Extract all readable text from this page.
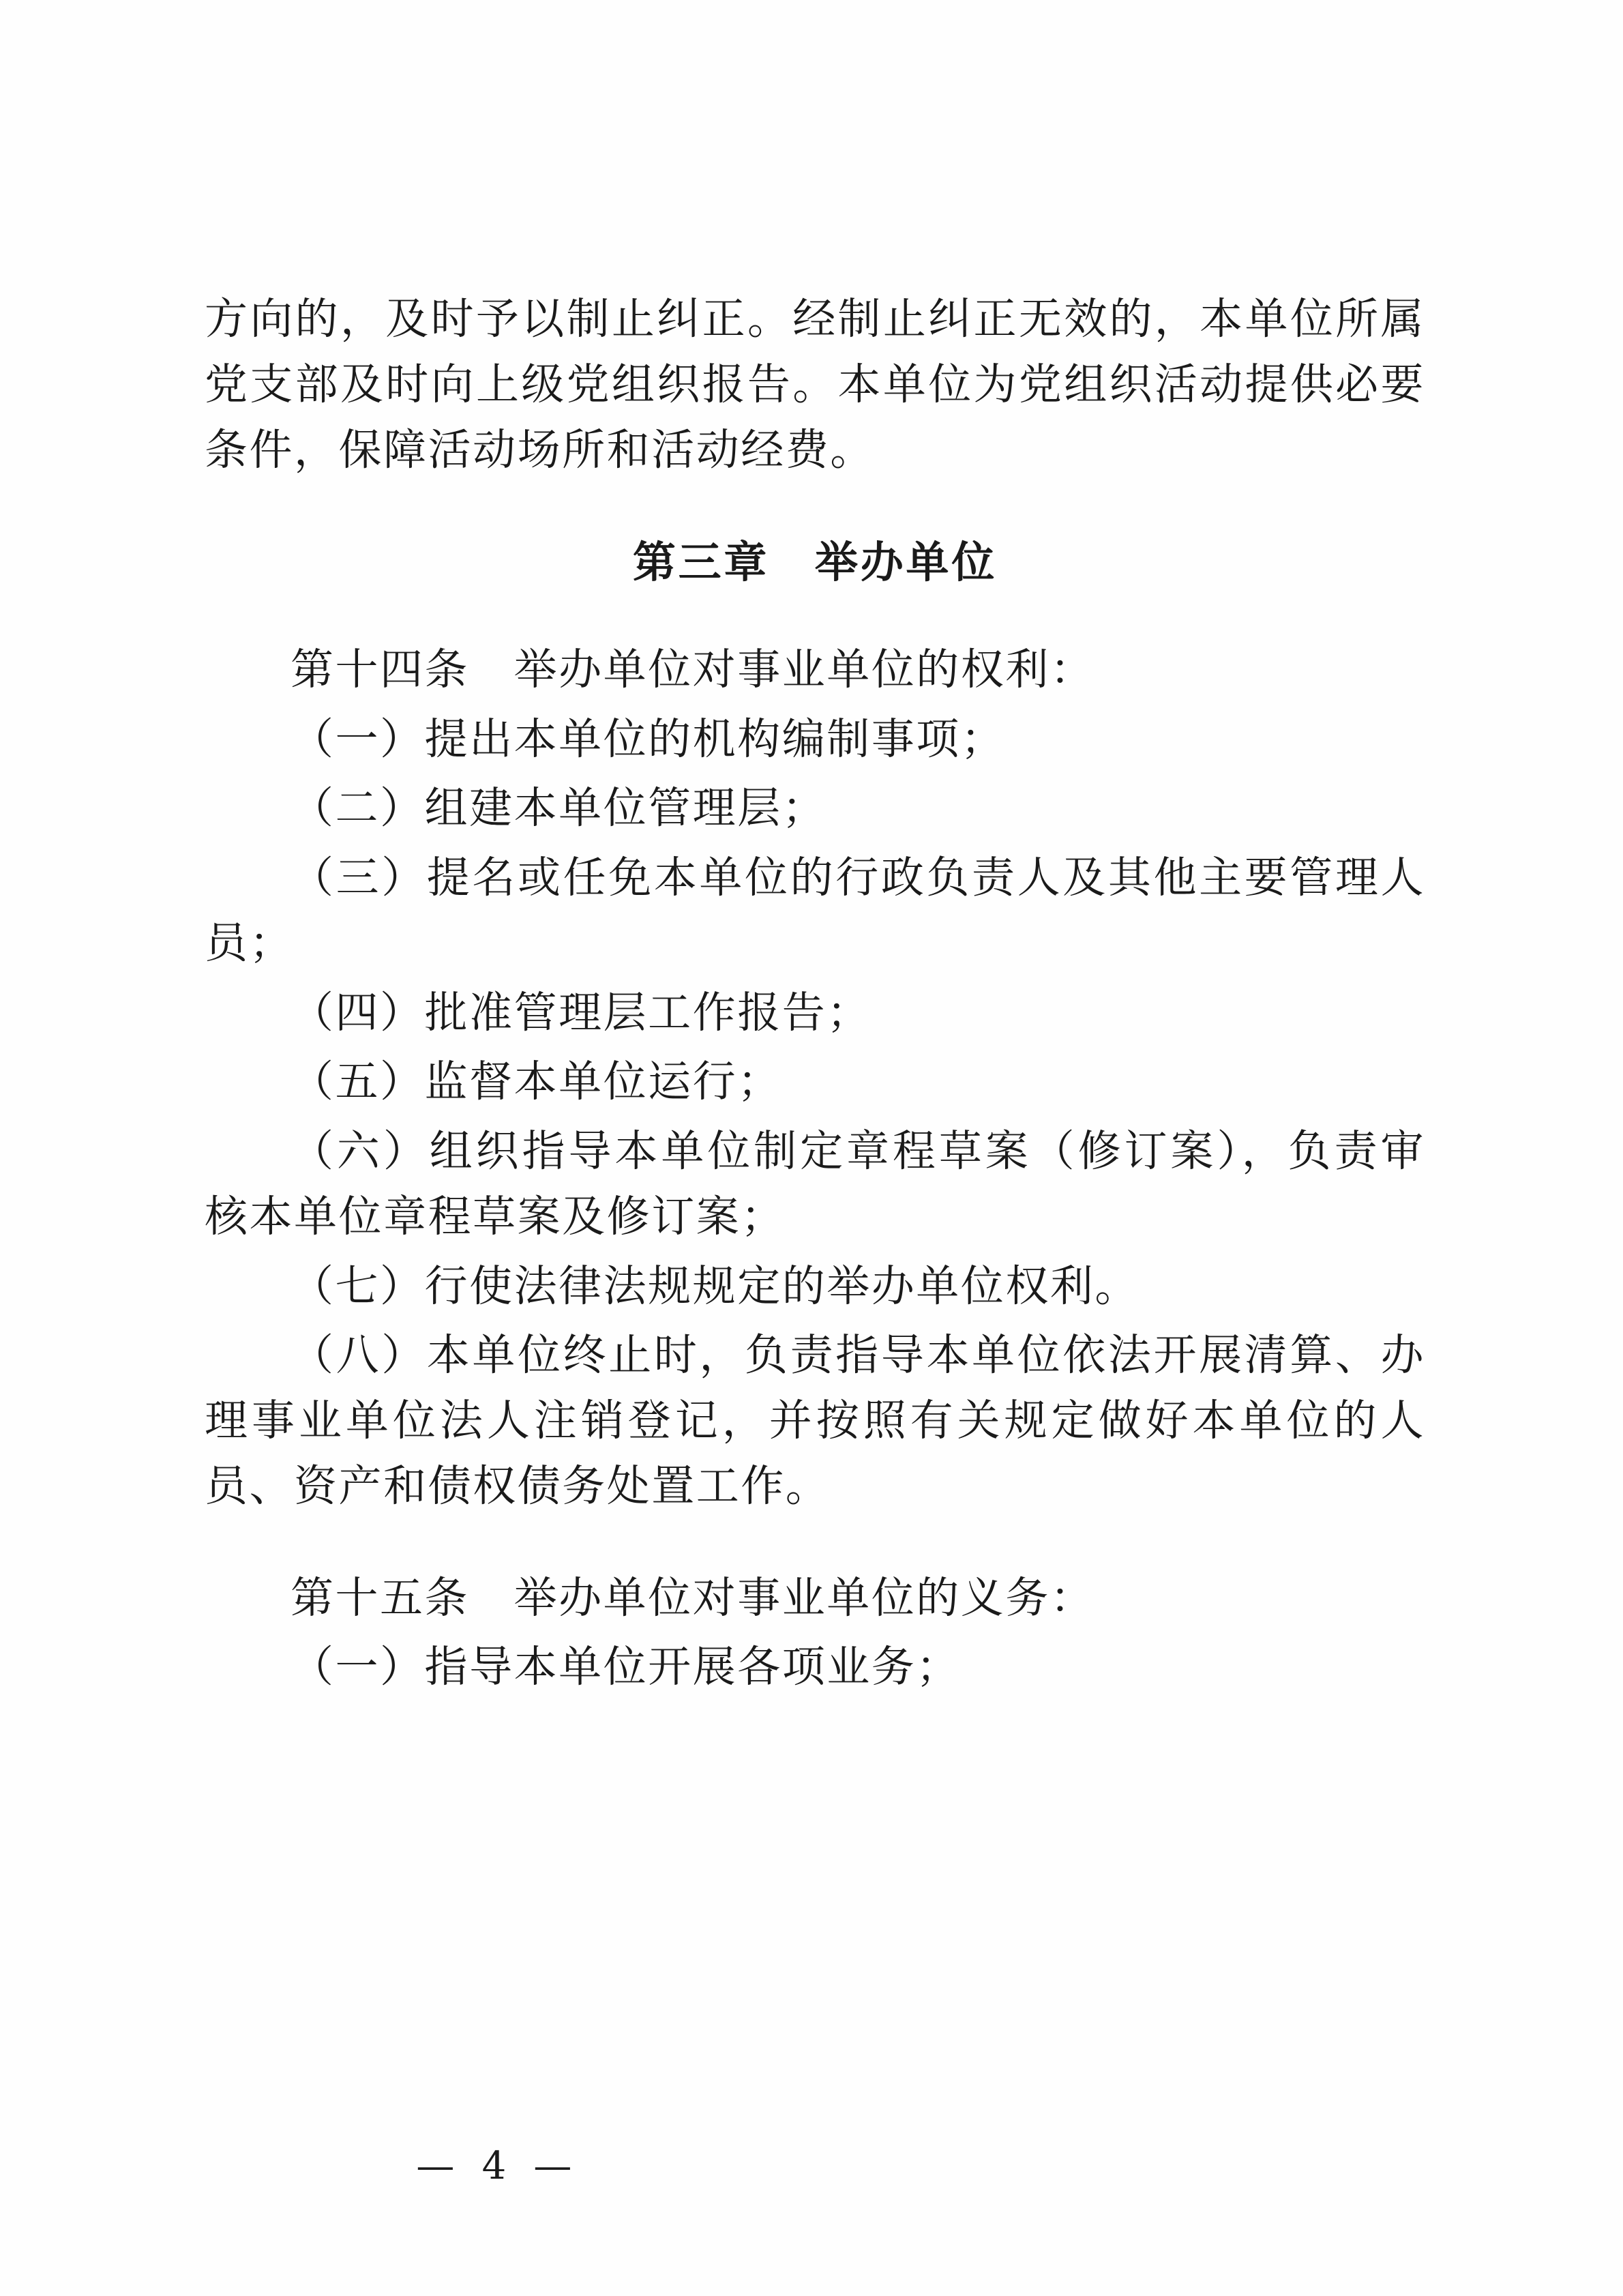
方向的，及时予以制止纠正。经制止纠正无效的，本单位所属党支部及时向上级党组织报告。本单位为党组织活动提供必要条件，保障活动场所和活动经费。

第三章　举办单位

第十四条　举办单位对事业单位的权利：

（一）提出本单位的机构编制事项；

（二）组建本单位管理层；

（三）提名或任免本单位的行政负责人及其他主要管理人员；

（四）批准管理层工作报告；

（五）监督本单位运行；

（六）组织指导本单位制定章程草案（修订案），负责审核本单位章程草案及修订案；

（七）行使法律法规规定的举办单位权利。

（八）本单位终止时，负责指导本单位依法开展清算、办理事业单位法人注销登记，并按照有关规定做好本单位的人员、资产和债权债务处置工作。

第十五条　举办单位对事业单位的义务：

（一）指导本单位开展各项业务；

— 4 —
